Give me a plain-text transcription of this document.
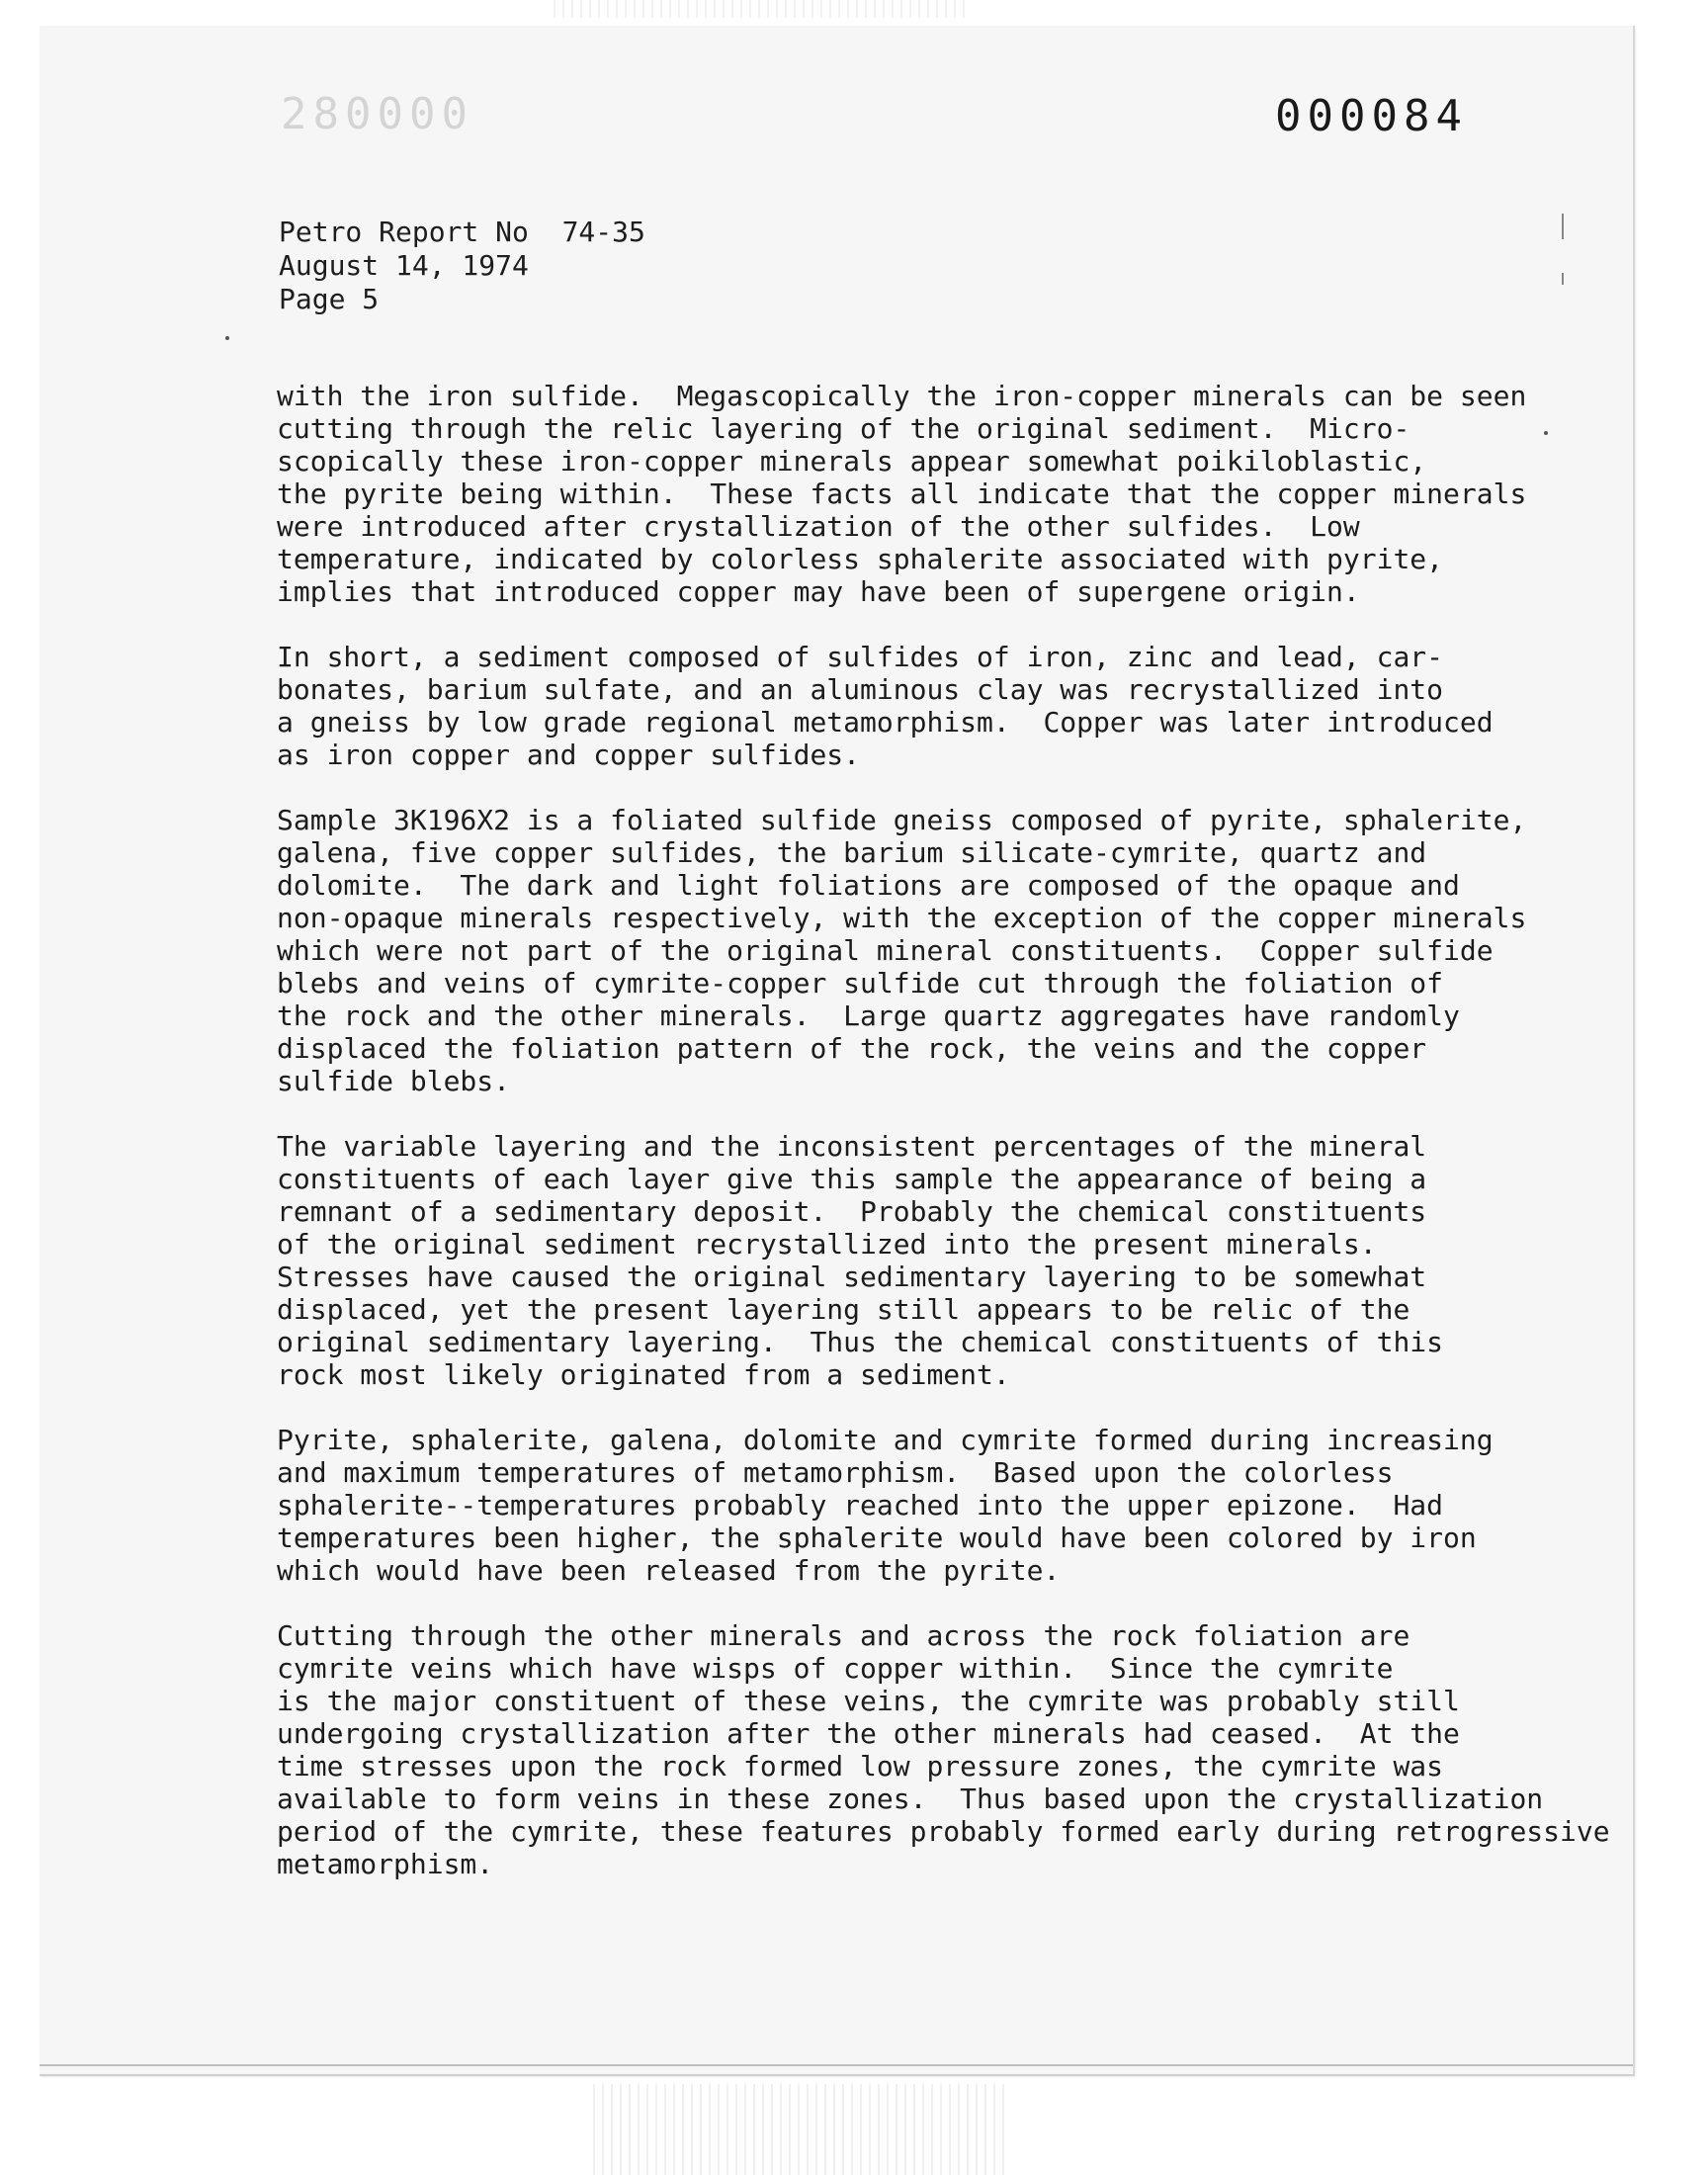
280000	000084
Petro Report No  74-35
August 14, 1974
Page 5
with the iron sulfide.  Megascopically the iron-copper minerals can be seen
cutting through the relic layering of the original sediment.  Micro-
scopically these iron-copper minerals appear somewhat poikiloblastic,
the pyrite being within.  These facts all indicate that the copper minerals
were introduced after crystallization of the other sulfides.  Low
temperature, indicated by colorless sphalerite associated with pyrite,
implies that introduced copper may have been of supergene origin.
In short, a sediment composed of sulfides of iron, zinc and lead, car-
bonates, barium sulfate, and an aluminous clay was recrystallized into
a gneiss by low grade regional metamorphism.  Copper was later introduced
as iron copper and copper sulfides.
Sample 3K196X2 is a foliated sulfide gneiss composed of pyrite, sphalerite,
galena, five copper sulfides, the barium silicate-cymrite, quartz and
dolomite.  The dark and light foliations are composed of the opaque and
non-opaque minerals respectively, with the exception of the copper minerals
which were not part of the original mineral constituents.  Copper sulfide
blebs and veins of cymrite-copper sulfide cut through the foliation of
the rock and the other minerals.  Large quartz aggregates have randomly
displaced the foliation pattern of the rock, the veins and the copper
sulfide blebs.
The variable layering and the inconsistent percentages of the mineral
constituents of each layer give this sample the appearance of being a
remnant of a sedimentary deposit.  Probably the chemical constituents
of the original sediment recrystallized into the present minerals.
Stresses have caused the original sedimentary layering to be somewhat
displaced, yet the present layering still appears to be relic of the
original sedimentary layering.  Thus the chemical constituents of this
rock most likely originated from a sediment.
Pyrite, sphalerite, galena, dolomite and cymrite formed during increasing
and maximum temperatures of metamorphism.  Based upon the colorless
sphalerite--temperatures probably reached into the upper epizone.  Had
temperatures been higher, the sphalerite would have been colored by iron
which would have been released from the pyrite.
Cutting through the other minerals and across the rock foliation are
cymrite veins which have wisps of copper within.  Since the cymrite
is the major constituent of these veins, the cymrite was probably still
undergoing crystallization after the other minerals had ceased.  At the
time stresses upon the rock formed low pressure zones, the cymrite was
available to form veins in these zones.  Thus based upon the crystallization
period of the cymrite, these features probably formed early during retrogressive
metamorphism.
